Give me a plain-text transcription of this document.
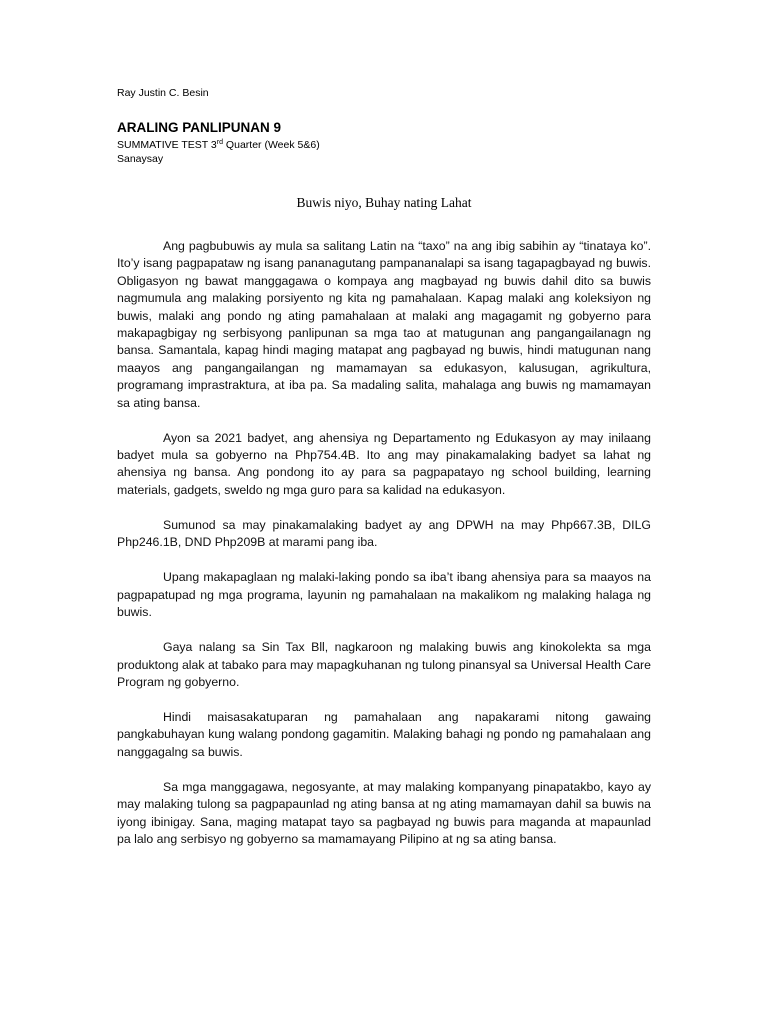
Ray Justin C. Besin
ARALING PANLIPUNAN 9
SUMMATIVE TEST 3rd Quarter (Week 5&6)
Sanaysay
Buwis niyo, Buhay nating Lahat

Ang pagbubuwis ay mula sa salitang Latin na “taxo” na ang ibig sabihin ay “tinataya ko”. Ito’y isang pagpapataw ng isang pananagutang pampananalapi sa isang tagapagbayad ng buwis. Obligasyon ng bawat manggagawa o kompaya ang magbayad ng buwis dahil dito sa buwis nagmumula ang malaking porsiyento ng kita ng pamahalaan. Kapag malaki ang koleksiyon ng buwis, malaki ang pondo ng ating pamahalaan at malaki ang magagamit ng gobyerno para makapagbigay ng serbisyong panlipunan sa mga tao at matugunan ang pangangailanagn ng bansa. Samantala, kapag hindi maging matapat ang pagbayad ng buwis, hindi matugunan nang maayos ang pangangailangan ng mamamayan sa edukasyon, kalusugan, agrikultura, programang imprastraktura, at iba pa. Sa madaling salita, mahalaga ang buwis ng mamamayan sa ating bansa.

Ayon sa 2021 badyet, ang ahensiya ng Departamento ng Edukasyon ay may inilaang badyet mula sa gobyerno na Php754.4B. Ito ang may pinakamalaking badyet sa lahat ng ahensiya ng bansa. Ang pondong ito ay para sa pagpapatayo ng school building, learning materials, gadgets, sweldo ng mga guro para sa kalidad na edukasyon.

Sumunod sa may pinakamalaking badyet ay ang DPWH na may Php667.3B, DILG Php246.1B, DND Php209B at marami pang iba.

Upang makapaglaan ng malaki-laking pondo sa iba’t ibang ahensiya para sa maayos na pagpapatupad ng mga programa, layunin ng pamahalaan na makalikom ng malaking halaga ng buwis.

Gaya nalang sa Sin Tax Bll, nagkaroon ng malaking buwis ang kinokolekta sa mga produktong alak at tabako para may mapagkuhanan ng tulong pinansyal sa Universal Health Care Program ng gobyerno.

Hindi maisasakatuparan ng pamahalaan ang napakarami nitong gawaing pangkabuhayan kung walang pondong gagamitin. Malaking bahagi ng pondo ng pamahalaan ang nanggagalng sa buwis.

Sa mga manggagawa, negosyante, at may malaking kompanyang pinapatakbo, kayo ay may malaking tulong sa pagpapaunlad ng ating bansa at ng ating mamamayan dahil sa buwis na iyong ibinigay. Sana, maging matapat tayo sa pagbayad ng buwis para maganda at mapaunlad pa lalo ang serbisyo ng gobyerno sa mamamayang Pilipino at ng sa ating bansa.
